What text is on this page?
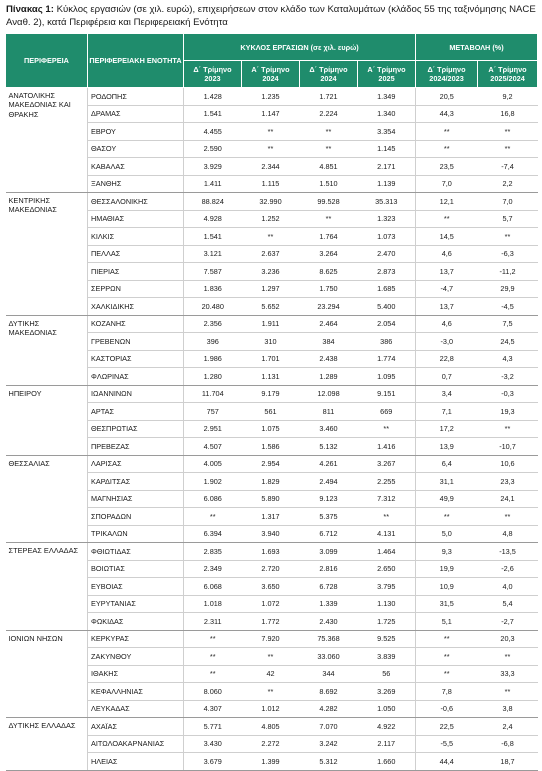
Πίνακας 1: Κύκλος εργασιών (σε χιλ. ευρώ), επιχειρήσεων στον κλάδο των Καταλυμάτων (κλάδος 55 της ταξινόμησης NACE Αναθ. 2), κατά Περιφέρεια και Περιφερειακή Ενότητα
ΠΕΡΙΦΕΡΕΙΑ	ΠΕΡΙΦΕΡΕΙΑΚΗ ΕΝΟΤΗΤΑ	ΚΥΚΛΟΣ ΕΡΓΑΣΙΩΝ (σε χιλ. ευρώ)				ΜΕΤΑΒΟΛΗ (%)	
		Δ΄ Τρίμηνο 2023	Α΄ Τρίμηνο 2024	Δ΄ Τρίμηνο 2024	Α΄ Τρίμηνο 2025	Δ΄ Τρίμηνο 2024/2023	Α΄ Τρίμηνο 2025/2024
ΑΝΑΤΟΛΙΚΗΣ ΜΑΚΕΔΟΝΙΑΣ ΚΑΙ ΘΡΑΚΗΣ	ΡΟΔΟΠΗΣ	1.428	1.235	1.721	1.349	20,5	9,2
	ΔΡΑΜΑΣ	1.541	1.147	2.224	1.340	44,3	16,8
	ΕΒΡΟΥ	4.455	**	**	3.354	**	**
	ΘΑΣΟΥ	2.590	**	**	1.145	**	**
	ΚΑΒΑΛΑΣ	3.929	2.344	4.851	2.171	23,5	-7,4
	ΞΑΝΘΗΣ	1.411	1.115	1.510	1.139	7,0	2,2
ΚΕΝΤΡΙΚΗΣ ΜΑΚΕΔΟΝΙΑΣ	ΘΕΣΣΑΛΟΝΙΚΗΣ	88.824	32.990	99.528	35.313	12,1	7,0
	ΗΜΑΘΙΑΣ	4.928	1.252	**	1.323	**	5,7
	ΚΙΛΚΙΣ	1.541	**	1.764	1.073	14,5	**
	ΠΕΛΛΑΣ	3.121	2.637	3.264	2.470	4,6	-6,3
	ΠΙΕΡΙΑΣ	7.587	3.236	8.625	2.873	13,7	-11,2
	ΣΕΡΡΩΝ	1.836	1.297	1.750	1.685	-4,7	29,9
	ΧΑΛΚΙΔΙΚΗΣ	20.480	5.652	23.294	5.400	13,7	-4,5
ΔΥΤΙΚΗΣ ΜΑΚΕΔΟΝΙΑΣ	ΚΟΖΑΝΗΣ	2.356	1.911	2.464	2.054	4,6	7,5
	ΓΡΕΒΕΝΩΝ	396	310	384	386	-3,0	24,5
	ΚΑΣΤΟΡΙΑΣ	1.986	1.701	2.438	1.774	22,8	4,3
	ΦΛΩΡΙΝΑΣ	1.280	1.131	1.289	1.095	0,7	-3,2
ΗΠΕΙΡΟΥ	ΙΩΑΝΝΙΝΩΝ	11.704	9.179	12.098	9.151	3,4	-0,3
	ΑΡΤΑΣ	757	561	811	669	7,1	19,3
	ΘΕΣΠΡΩΤΙΑΣ	2.951	1.075	3.460	**	17,2	**
	ΠΡΕΒΕΖΑΣ	4.507	1.586	5.132	1.416	13,9	-10,7
ΘΕΣΣΑΛΙΑΣ	ΛΑΡΙΣΑΣ	4.005	2.954	4.261	3.267	6,4	10,6
	ΚΑΡΔΙΤΣΑΣ	1.902	1.829	2.494	2.255	31,1	23,3
	ΜΑΓΝΗΣΙΑΣ	6.086	5.890	9.123	7.312	49,9	24,1
	ΣΠΟΡΑΔΩΝ	**	1.317	5.375	**	**	**
	ΤΡΙΚΑΛΩΝ	6.394	3.940	6.712	4.131	5,0	4,8
ΣΤΕΡΕΑΣ ΕΛΛΑΔΑΣ	ΦΘΙΩΤΙΔΑΣ	2.835	1.693	3.099	1.464	9,3	-13,5
	ΒΟΙΩΤΙΑΣ	2.349	2.720	2.816	2.650	19,9	-2,6
	ΕΥΒΟΙΑΣ	6.068	3.650	6.728	3.795	10,9	4,0
	ΕΥΡΥΤΑΝΙΑΣ	1.018	1.072	1.339	1.130	31,5	5,4
	ΦΩΚΙΔΑΣ	2.311	1.772	2.430	1.725	5,1	-2,7
ΙΟΝΙΩΝ ΝΗΣΩΝ	ΚΕΡΚΥΡΑΣ	**	7.920	75.368	9.525	**	20,3
	ΖΑΚΥΝΘΟΥ	**	**	33.060	3.839	**	**
	ΙΘΑΚΗΣ	**	42	344	56	**	33,3
	ΚΕΦΑΛΛΗΝΙΑΣ	8.060	**	8.692	3.269	7,8	**
	ΛΕΥΚΑΔΑΣ	4.307	1.012	4.282	1.050	-0,6	3,8
ΔΥΤΙΚΗΣ ΕΛΛΑΔΑΣ	ΑΧΑΪΑΣ	5.771	4.805	7.070	4.922	22,5	2,4
	ΑΙΤΩΛΟΑΚΑΡΝΑΝΙΑΣ	3.430	2.272	3.242	2.117	-5,5	-6,8
	ΗΛΕΙΑΣ	3.679	1.399	5.312	1.660	44,4	18,7
